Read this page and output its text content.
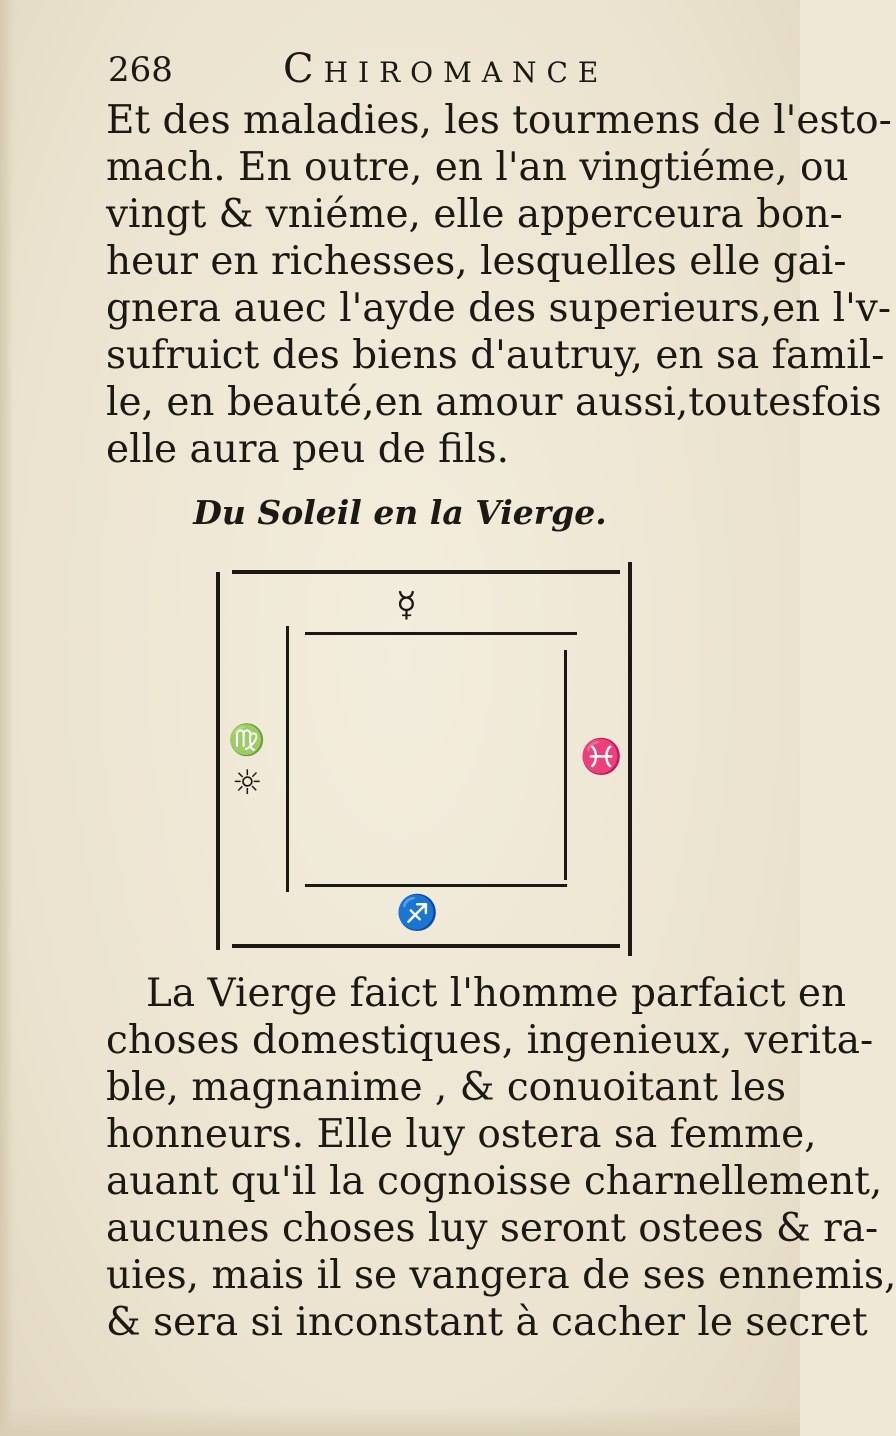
268	Chiromance
Et des maladies, les tourmens de l'esto-
mach. En outre, en l'an vingtiéme, ou
vingt & vniéme, elle apperceura bon-
heur en richesses, lesquelles elle gai-
gnera auec l'ayde des superieurs,en l'v-
sufruict des biens d'autruy, en sa famil-
le, en beauté,en amour aussi,toutesfois
elle aura peu de fils.
Du Soleil en la Vierge.
☿
♍
☼
♓
♐
La Vierge faict l'homme parfaict en
choses domestiques, ingenieux, verita-
ble, magnanime , & conuoitant les
honneurs. Elle luy ostera sa femme,
auant qu'il la cognoisse charnellement,
aucunes choses luy seront ostees & ra-
uies, mais il se vangera de ses ennemis,
& sera si inconstant à cacher le secret
